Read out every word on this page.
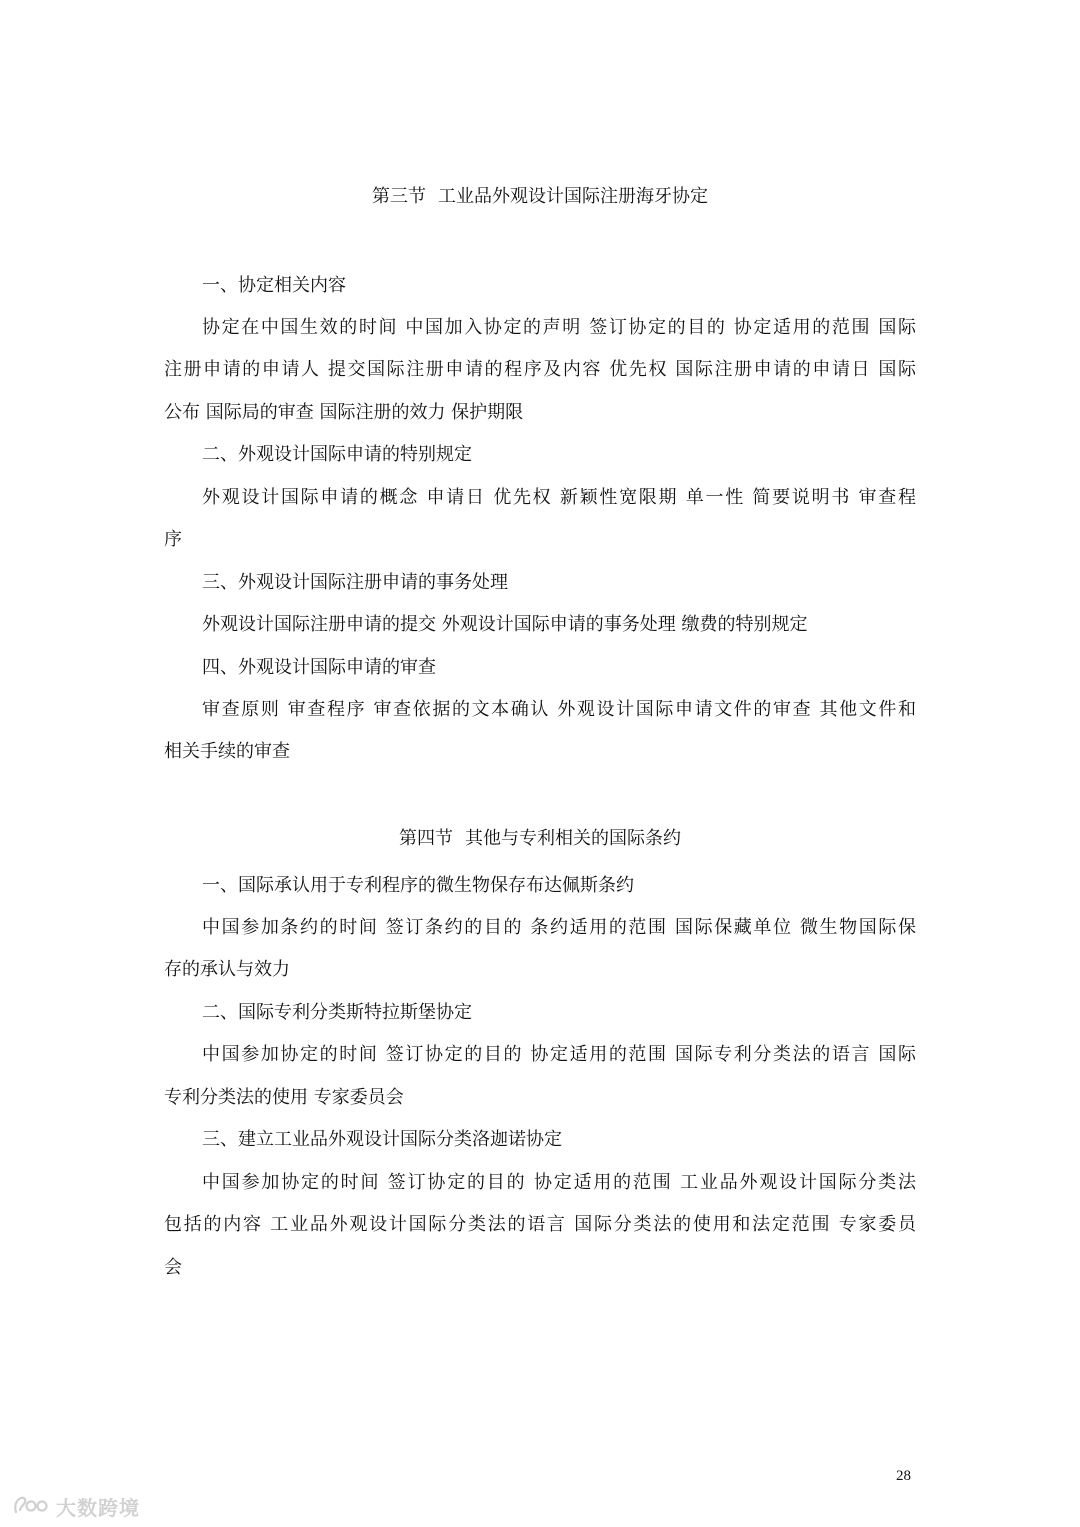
第三节 工业品外观设计国际注册海牙协定
一、协定相关内容
协定在中国生效的时间 中国加入协定的声明 签订协定的目的 协定适用的范围 国际
注册申请的申请人 提交国际注册申请的程序及内容 优先权 国际注册申请的申请日 国际
公布 国际局的审查 国际注册的效力 保护期限
二、外观设计国际申请的特别规定
外观设计国际申请的概念 申请日 优先权 新颖性宽限期 单一性 简要说明书 审查程
序
三、外观设计国际注册申请的事务处理
外观设计国际注册申请的提交 外观设计国际申请的事务处理 缴费的特别规定
四、外观设计国际申请的审查
审查原则 审查程序 审查依据的文本确认 外观设计国际申请文件的审查 其他文件和
相关手续的审查
第四节 其他与专利相关的国际条约
一、国际承认用于专利程序的微生物保存布达佩斯条约
中国参加条约的时间 签订条约的目的 条约适用的范围 国际保藏单位 微生物国际保
存的承认与效力
二、国际专利分类斯特拉斯堡协定
中国参加协定的时间 签订协定的目的 协定适用的范围 国际专利分类法的语言 国际
专利分类法的使用 专家委员会
三、建立工业品外观设计国际分类洛迦诺协定
中国参加协定的时间 签订协定的目的 协定适用的范围 工业品外观设计国际分类法
包括的内容 工业品外观设计国际分类法的语言 国际分类法的使用和法定范围 专家委员
会
28
大数跨境
